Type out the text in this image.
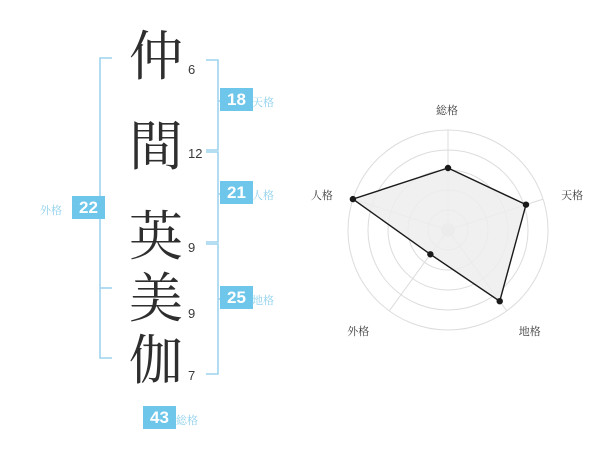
仲
間
英
美
伽
6
12
9
9
7
18 天格
21 人格
25 地格
22
外格
43 総格
総格
天格
地格
外格
人格
